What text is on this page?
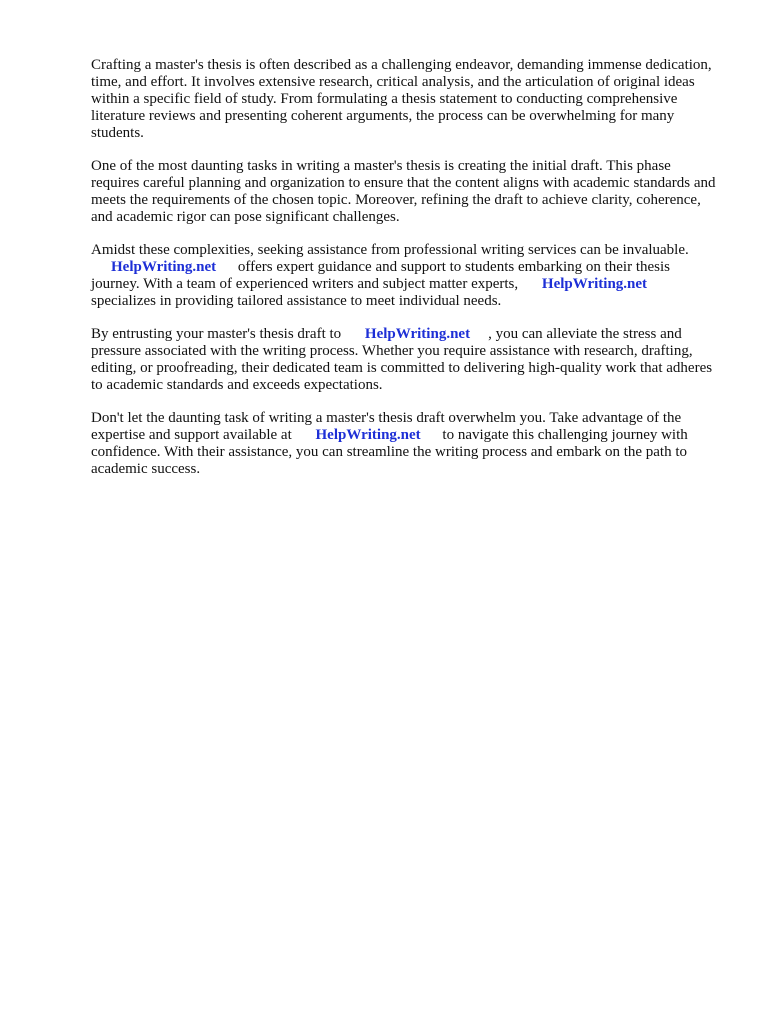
Crafting a master's thesis is often described as a challenging endeavor, demanding immense dedication, time, and effort. It involves extensive research, critical analysis, and the articulation of original ideas within a specific field of study. From formulating a thesis statement to conducting comprehensive literature reviews and presenting coherent arguments, the process can be overwhelming for many students.

One of the most daunting tasks in writing a master's thesis is creating the initial draft. This phase requires careful planning and organization to ensure that the content aligns with academic standards and meets the requirements of the chosen topic. Moreover, refining the draft to achieve clarity, coherence, and academic rigor can pose significant challenges.

Amidst these complexities, seeking assistance from professional writing services can be invaluable. HelpWriting.net offers expert guidance and support to students embarking on their thesis journey. With a team of experienced writers and subject matter experts, HelpWriting.net specializes in providing tailored assistance to meet individual needs.

By entrusting your master's thesis draft to HelpWriting.net , you can alleviate the stress and pressure associated with the writing process. Whether you require assistance with research, drafting, editing, or proofreading, their dedicated team is committed to delivering high-quality work that adheres to academic standards and exceeds expectations.

Don't let the daunting task of writing a master's thesis draft overwhelm you. Take advantage of the expertise and support available at HelpWriting.net to navigate this challenging journey with confidence. With their assistance, you can streamline the writing process and embark on the path to academic success.
